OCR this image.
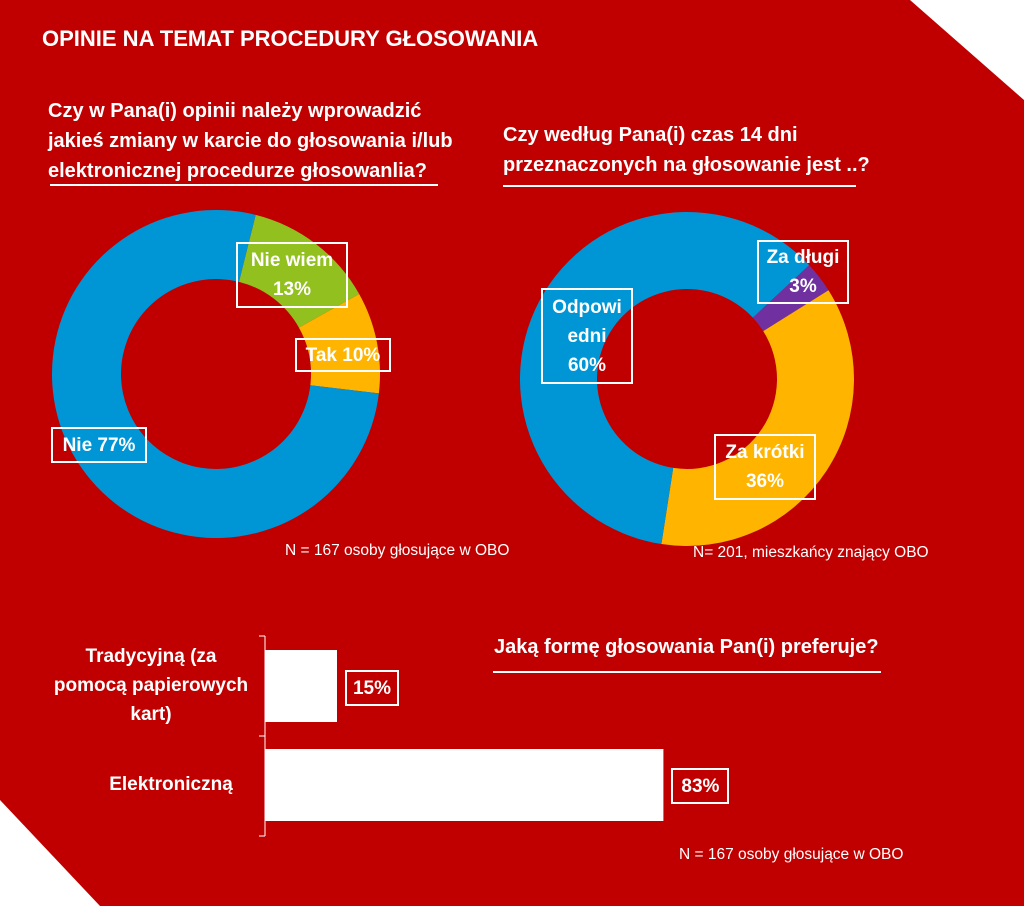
OPINIE NA TEMAT PROCEDURY GŁOSOWANIA
Czy w Pana(i) opinii należy wprowadzić
jakieś zmiany w karcie do głosowania i/lub
elektronicznej procedurze głosowanlia?
Czy według Pana(i) czas 14 dni
przeznaczonych na głosowanie jest ..?
Nie wiem
13%
Tak 10%
Nie 77%
Za długi
3%
Za krótki
36%
Odpowi
edni
60%
N = 167 osoby głosujące w OBO	N= 201, mieszkańcy znający OBO
Jaką formę głosowania Pan(i) preferuje?
Tradycyjną (za
pomocą papierowych
kart)
Elektroniczną
15%
83%
N = 167 osoby głosujące w OBO
